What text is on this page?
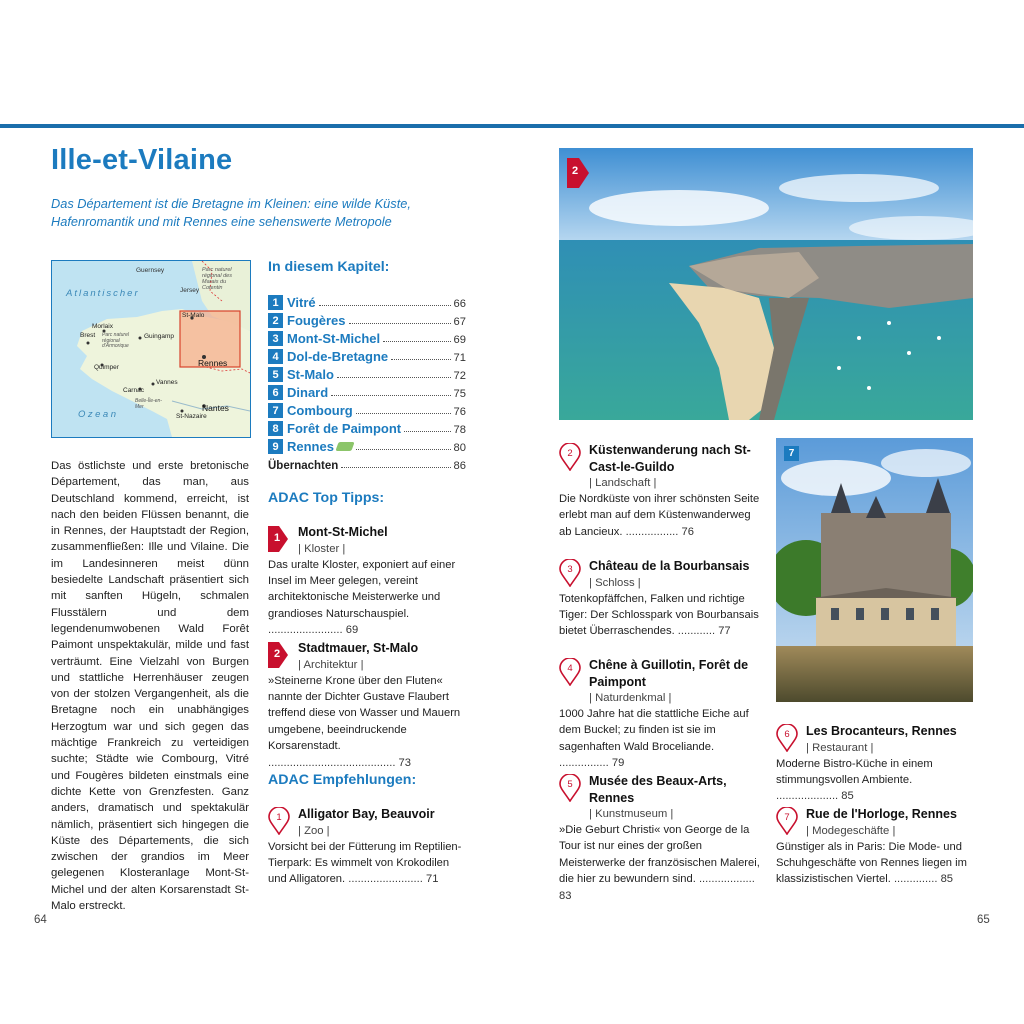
Ille-et-Vilaine
Das Département ist die Bretagne im Kleinen: eine wilde Küste, Hafenromantik und mit Rennes eine sehenswerte Metropole
Guernsey
Jersey
Parc naturel régional des Marais du Cotentin
Atlantischer
Ozean
Morlaix
Brest Parc naturel régional d'Armorique
Guingamp
St-Malo
Rennes
Quimper
Carnac
Vannes
Belle-Île-en-Mer	Nantes
St-Nazaire
Das östlichste und erste bretonische Département, das man, aus Deutschland kommend, erreicht, ist nach den beiden Flüssen benannt, die in Rennes, der Hauptstadt der Region, zusammenfließen: Ille und Vilaine. Die im Landesinneren meist dünn besiedelte Landschaft präsentiert sich mit sanften Hügeln, schmalen Flusstälern und dem legendenumwobenen Wald Forêt Paimont unspektakulär, milde und fast verträumt. Eine Vielzahl von Burgen und stattliche Herrenhäuser zeugen von der stolzen Vergangenheit, als die Bretagne noch ein unabhängiges Herzogtum war und sich gegen das mächtige Frankreich zu verteidigen suchte; Städte wie Combourg, Vitré und Fougères bildeten einstmals eine dichte Kette von Grenzfesten. Ganz anders, dramatisch und spektakulär nämlich, präsentiert sich hingegen die Küste des Départements, die sich zwischen der grandios im Meer gelegenen Klosteranlage Mont-St-Michel und der alten Korsarenstadt St-Malo erstreckt.
In diesem Kapitel:
1 Vitré	66
2 Fougères	67
3 Mont-St-Michel	69
4 Dol-de-Bretagne	71
5 St-Malo	72
6 Dinard	75
7 Combourg	76
8 Forêt de Paimpont	78
9 Rennes	80
Übernachten	86
ADAC Top Tipps:
1 Mont-St-Michel
| Kloster |
Das uralte Kloster, exponiert auf einer Insel im Meer gelegen, vereint architektonische Meisterwerke und grandioses Naturschauspiel. ........................ 69
2 Stadtmauer, St-Malo
| Architektur |
»Steinerne Krone über den Fluten« nannte der Dichter Gustave Flaubert treffend diese von Wasser und Mauern umgebene, beeindruckende Korsarenstadt. ......................................... 73
ADAC Empfehlungen:
1	Alligator Bay, Beauvoir
| Zoo |
Vorsicht bei der Fütterung im Reptilien-Tierpark: Es wimmelt von Krokodilen und Alligatoren. ........................ 71
2
2	Küstenwanderung nach St-Cast-le-Guildo
| Landschaft |
Die Nordküste von ihrer schönsten Seite erlebt man auf dem Küstenwanderweg ab Lancieux. ................. 76
3	Château de la Bourbansais
| Schloss |
Totenkopfäffchen, Falken und richtige Tiger: Der Schlosspark von Bourbansais bietet Überraschendes. ............ 77
4	Chêne à Guillotin, Forêt de Paimpont
| Naturdenkmal |
1000 Jahre hat die stattliche Eiche auf dem Buckel; zu finden ist sie im sagenhaften Wald Broceliande. ................ 79
5	Musée des Beaux-Arts, Rennes
| Kunstmuseum |
»Die Geburt Christi« von George de la Tour ist nur eines der großen Meisterwerke der französischen Malerei, die hier zu bewundern sind. .................. 83
7
6	Les Brocanteurs, Rennes
| Restaurant |
Moderne Bistro-Küche in einem stimmungsvollen Ambiente. .................... 85
7	Rue de l'Horloge, Rennes
| Modegeschäfte |
Günstiger als in Paris: Die Mode- und Schuhgeschäfte von Rennes liegen im klassizistischen Viertel. .............. 85
64	65
